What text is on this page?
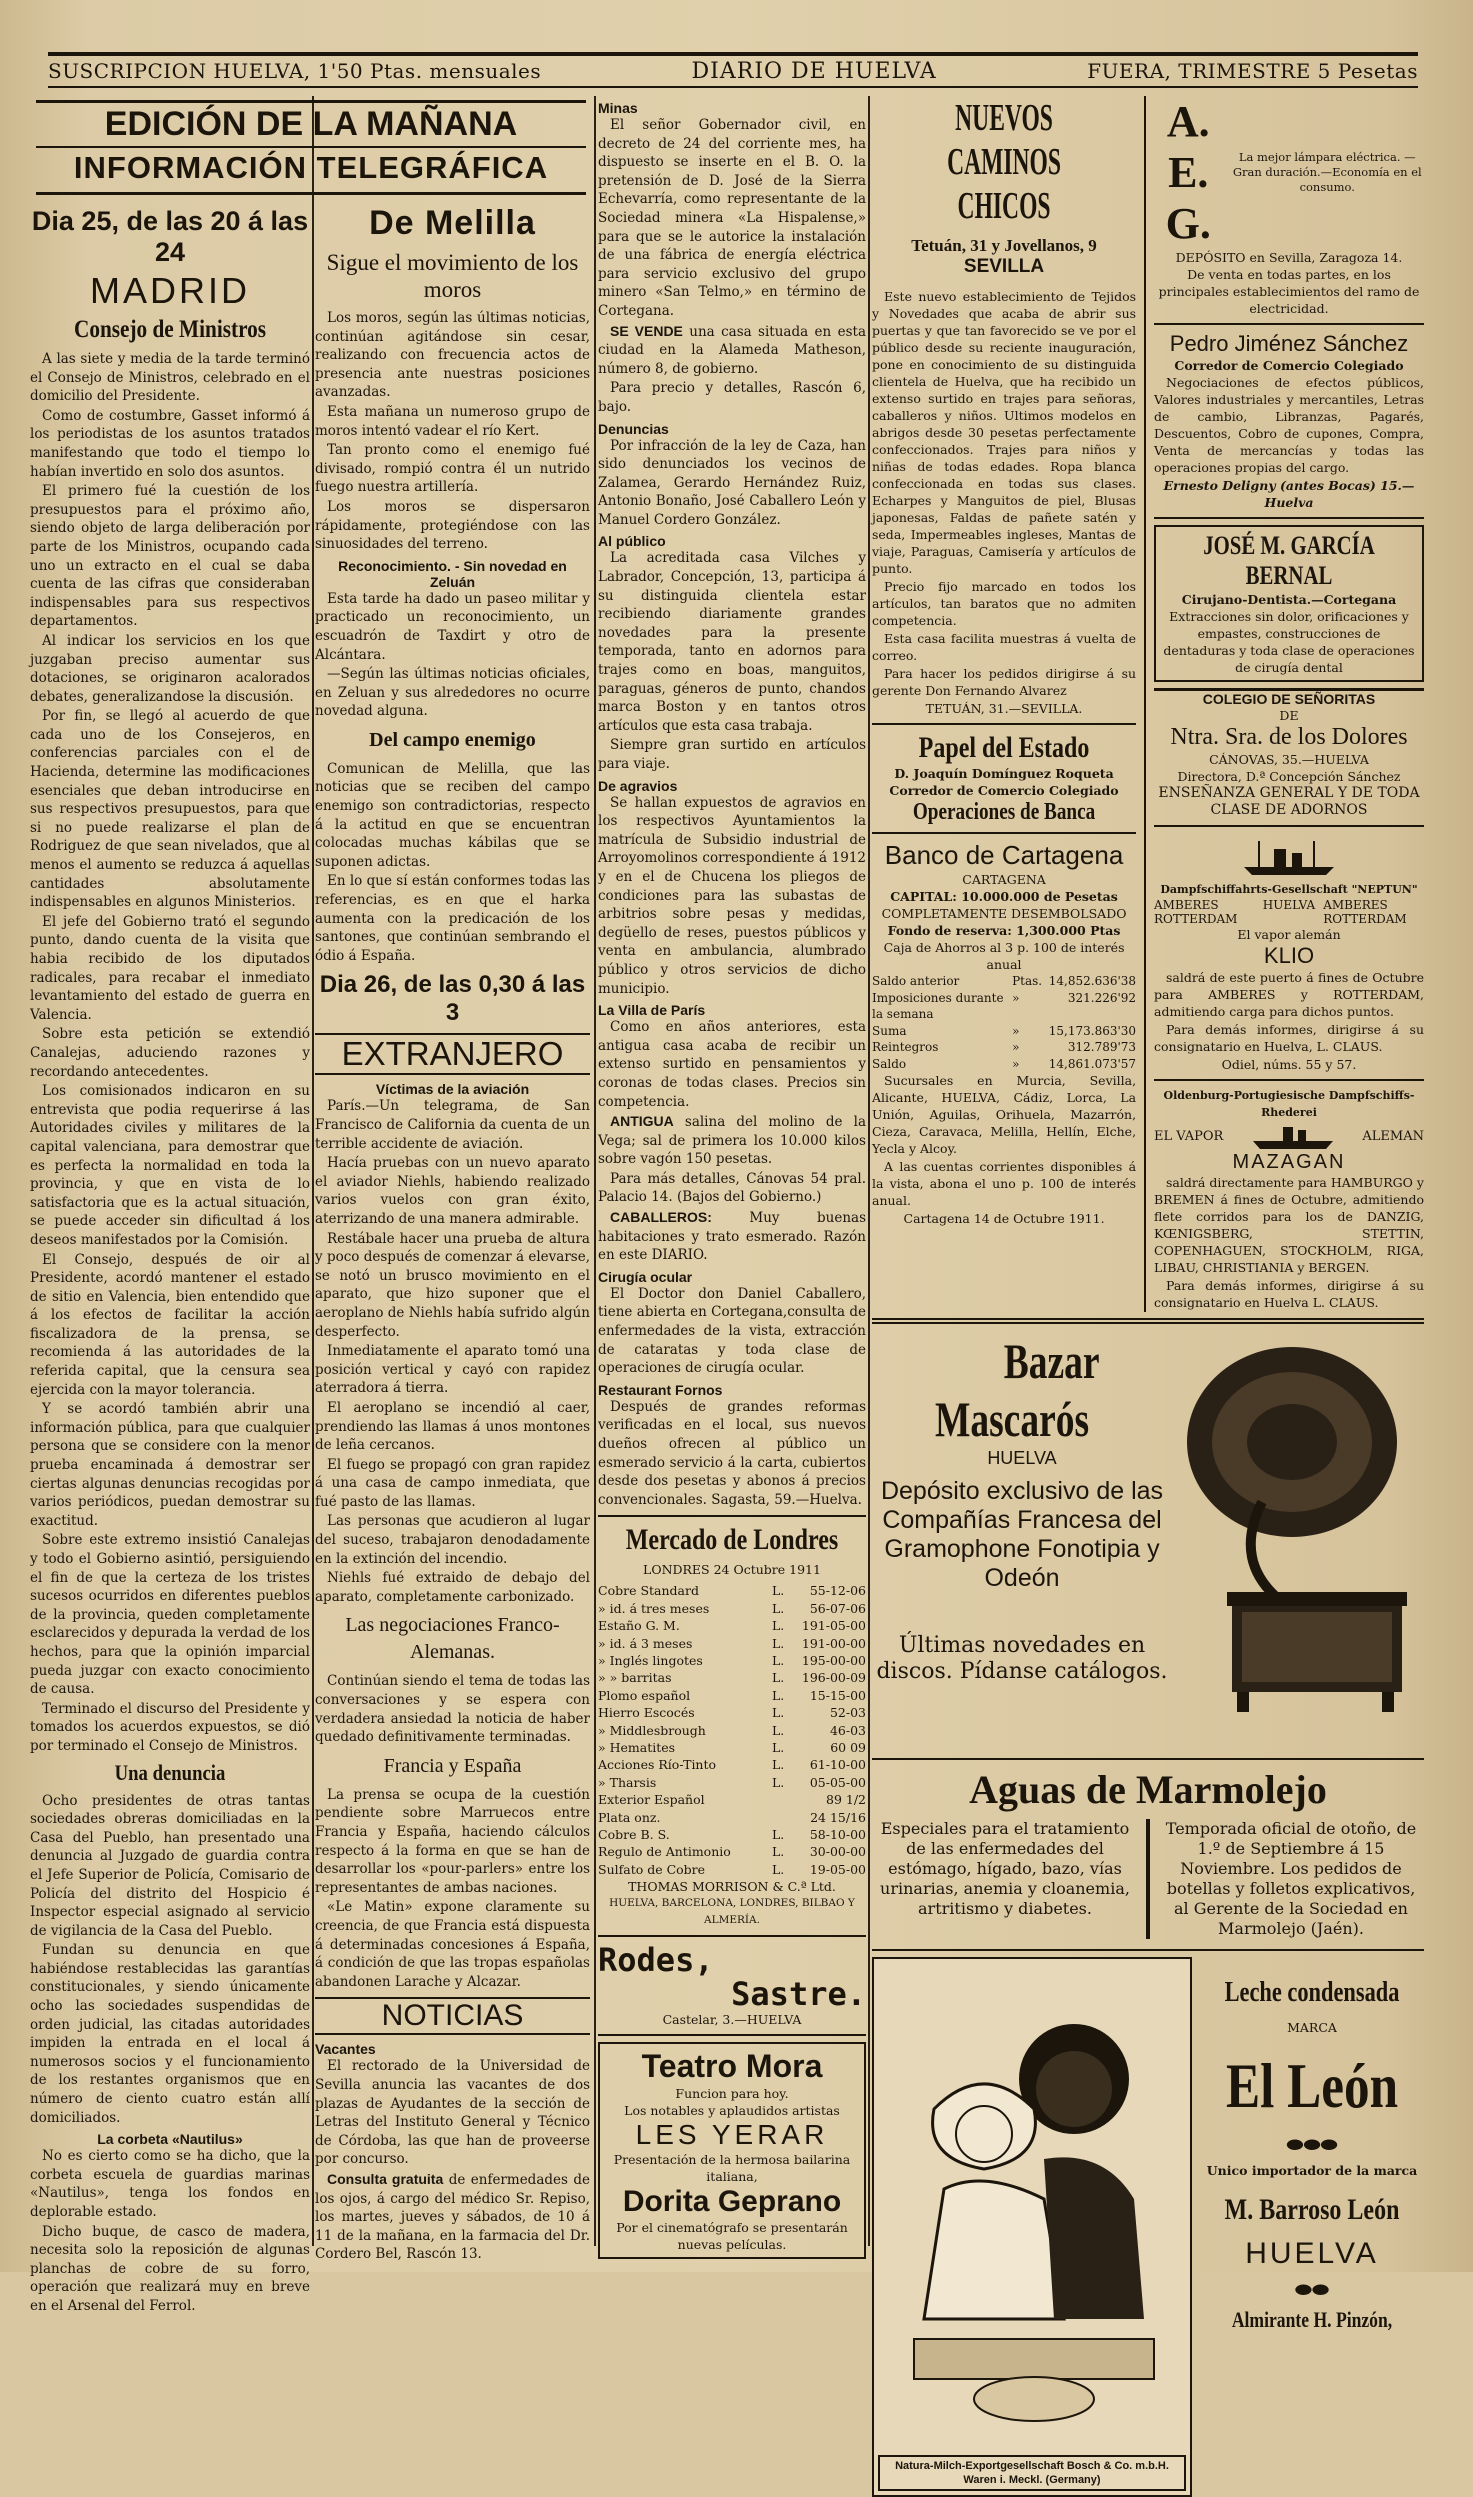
SUSCRIPCION HUELVA, 1'50 Ptas. mensuales	DIARIO DE HUELVA	FUERA, TRIMESTRE 5 Pesetas
EDICIÓN DE LA MAÑANA
INFORMACIÓN TELEGRÁFICA
Dia 25, de las 20 á las 24
MADRID
Consejo de Ministros

A las siete y media de la tarde terminó el Consejo de Ministros, celebrado en el domicilio del Presidente.

Como de costumbre, Gasset informó á los periodistas de los asuntos tratados manifestando que todo el tiempo lo habían invertido en solo dos asuntos.

El primero fué la cuestión de los presupuestos para el próximo año, siendo objeto de larga deliberación por parte de los Ministros, ocupando cada uno un extracto en el cual se daba cuenta de las cifras que consideraban indispensables para sus respectivos departamentos.

Al indicar los servicios en los que juzgaban preciso aumentar sus dotaciones, se originaron acalorados debates, generalizandose la discusión.

Por fin, se llegó al acuerdo de que cada uno de los Consejeros, en conferencias parciales con el de Hacienda, determine las modificaciones esenciales que deban introducirse en sus respectivos presupuestos, para que si no puede realizarse el plan de Rodriguez de que sean nivelados, que al menos el aumento se reduzca á aquellas cantidades absolutamente indispensables en algunos Ministerios.

El jefe del Gobierno trató el segundo punto, dando cuenta de la visita que habia recibido de los diputados radicales, para recabar el inmediato levantamiento del estado de guerra en Valencia.

Sobre esta petición se extendió Canalejas, aduciendo razones y recordando antecedentes.

Los comisionados indicaron en su entrevista que podia requerirse á las Autoridades civiles y militares de la capital valenciana, para demostrar que es perfecta la normalidad en toda la provincia, y que en vista de lo satisfactoria que es la actual situación, se puede acceder sin dificultad á los deseos manifestados por la Comisión.

El Consejo, después de oir al Presidente, acordó mantener el estado de sitio en Valencia, bien entendido que á los efectos de facilitar la acción fiscalizadora de la prensa, se recomienda á las autoridades de la referida capital, que la censura sea ejercida con la mayor tolerancia.

Y se acordó también abrir una información pública, para que cualquier persona que se considere con la menor prueba encaminada á demostrar ser ciertas algunas denuncias recogidas por varios periódicos, puedan demostrar su exactitud.

Sobre este extremo insistió Canalejas y todo el Gobierno asintió, persiguiendo el fin de que la certeza de los tristes sucesos ocurridos en diferentes pueblos de la provincia, queden completamente esclarecidos y depurada la verdad de los hechos, para que la opinión imparcial pueda juzgar con exacto conocimiento de causa.

Terminado el discurso del Presidente y tomados los acuerdos expuestos, se dió por terminado el Consejo de Ministros.

Una denuncia

Ocho presidentes de otras tantas sociedades obreras domiciliadas en la Casa del Pueblo, han presentado una denuncia al Juzgado de guardia contra el Jefe Superior de Policía, Comisario de Policía del distrito del Hospicio é Inspector especial asignado al servicio de vigilancia de la Casa del Pueblo.

Fundan su denuncia en que habiéndose restablecidas las garantías constitucionales, y siendo únicamente ocho las sociedades suspendidas de orden judicial, las citadas autoridades impiden la entrada en el local á numerosos socios y el funcionamiento de los restantes organismos que en número de ciento cuatro están allí domiciliados.

La corbeta «Nautilus»

No es cierto como se ha dicho, que la corbeta escuela de guardias marinas «Nautilus», tenga los fondos en deplorable estado.

Dicho buque, de casco de madera, necesita solo la reposición de algunas planchas de cobre de su forro, operación que realizará muy en breve en el Arsenal del Ferrol.

De Melilla
Sigue el movimiento de los moros

Los moros, según las últimas noticias, continúan agitándose sin cesar, realizando con frecuencia actos de presencia ante nuestras posiciones avanzadas.

Esta mañana un numeroso grupo de moros intentó vadear el río Kert.

Tan pronto como el enemigo fué divisado, rompió contra él un nutrido fuego nuestra artillería.

Los moros se dispersaron rápidamente, protegiéndose con las sinuosidades del terreno.

Reconocimiento. - Sin novedad en Zeluán

Esta tarde ha dado un paseo militar y practicado un reconocimiento, un escuadrón de Taxdirt y otro de Alcántara.

—Según las últimas noticias oficiales, en Zeluan y sus alrededores no ocurre novedad alguna.

Del campo enemigo

Comunican de Melilla, que las noticias que se reciben del campo enemigo son contradictorias, respecto á la actitud en que se encuentran colocadas muchas kábilas que se suponen adictas.

En lo que sí están conformes todas las referencias, es en que el harka aumenta con la predicación de los santones, que continúan sembrando el ódio á España.

Dia 26, de las 0,30 á las 3
EXTRANJERO
Víctimas de la aviación

París.—Un telegrama, de San Francisco de California da cuenta de un terrible accidente de aviación.

Hacía pruebas con un nuevo aparato el aviador Niehls, habiendo realizado varios vuelos con gran éxito, aterrizando de una manera admirable.

Restábale hacer una prueba de altura y poco después de comenzar á elevarse, se notó un brusco movimiento en el aparato, que hizo suponer que el aeroplano de Niehls había sufrido algún desperfecto.

Inmediatamente el aparato tomó una posición vertical y cayó con rapidez aterradora á tierra.

El aeroplano se incendió al caer, prendiendo las llamas á unos montones de leña cercanos.

El fuego se propagó con gran rapidez á una casa de campo inmediata, que fué pasto de las llamas.

Las personas que acudieron al lugar del suceso, trabajaron denodadamente en la extinción del incendio.

Niehls fué extraido de debajo del aparato, completamente carbonizado.

Las negociaciones Franco-Alemanas.

Continúan siendo el tema de todas las conversaciones y se espera con verdadera ansiedad la noticia de haber quedado definitivamente terminadas.

Francia y España

La prensa se ocupa de la cuestión pendiente sobre Marruecos entre Francia y España, haciendo cálculos respecto á la forma en que se han de desarrollar los «pour-parlers» entre los representantes de ambas naciones.

«Le Matin» expone claramente su creencia, de que Francia está dispuesta á determinadas concesiones á España, á condición de que las tropas españolas abandonen Larache y Alcazar.

NOTICIAS
Vacantes

El rectorado de la Universidad de Sevilla anuncia las vacantes de dos plazas de Ayudantes de la sección de Letras del Instituto General y Técnico de Córdoba, las que han de proveerse por concurso.

Consulta gratuita de enfermedades de los ojos, á cargo del médico Sr. Repiso, los martes, jueves y sábados, de 10 á 11 de la mañana, en la farmacia del Dr. Cordero Bel, Rascón 13.

Minas

El señor Gobernador civil, en decreto de 24 del corriente mes, ha dispuesto se inserte en el B. O. la pretensión de D. José de la Sierra Echevarría, como representante de la Sociedad minera «La Hispalense,» para que se le autorice la instalación de una fábrica de energía eléctrica para servicio exclusivo del grupo minero «San Telmo,» en término de Cortegana.

SE VENDE una casa situada en esta ciudad en la Alameda Matheson, número 8, de gobierno.

Para precio y detalles, Rascón 6, bajo.

Denuncias

Por infracción de la ley de Caza, han sido denunciados los vecinos de Zalamea, Gerardo Hernández Ruiz, Antonio Bonaño, José Caballero León y Manuel Cordero González.

Al público

La acreditada casa Vilches y Labrador, Concepción, 13, participa á su distinguida clientela estar recibiendo diariamente grandes novedades para la presente temporada, tanto en adornos para trajes como en boas, manguitos, paraguas, géneros de punto, chandos marca Boston y en tantos otros artículos que esta casa trabaja.

Siempre gran surtido en artículos para viaje.

De agravios

Se hallan expuestos de agravios en los respectivos Ayuntamientos la matrícula de Subsidio industrial de Arroyomolinos correspondiente á 1912 y en el de Chucena los pliegos de condiciones para las subastas de arbitrios sobre pesas y medidas, degüello de reses, puestos públicos y venta en ambulancia, alumbrado público y otros servicios de dicho municipio.

La Villa de París

Como en años anteriores, esta antigua casa acaba de recibir un extenso surtido en pensamientos y coronas de todas clases. Precios sin competencia.

ANTIGUA salina del molino de la Vega; sal de primera los 10.000 kilos sobre vagón 150 pesetas.

Para más detalles, Cánovas 54 pral. Palacio 14. (Bajos del Gobierno.)

CABALLEROS:	Muy buenas habitaciones y trato esmerado. Razón en este DIARIO.

Cirugía ocular

El Doctor don Daniel Caballero, tiene abierta en Cortegana,consulta de enfermedades de la vista, extracción de cataratas y toda clase de operaciones de cirugía ocular.

Restaurant Fornos

Después de grandes reformas verificadas en el local, sus nuevos dueños ofrecen al público un esmerado servicio á la carta, cubiertos desde dos pesetas y abonos á precios convencionales. Sagasta, 59.—Huelva.

Mercado de Londres
LONDRES 24 Octubre 1911
Cobre Standard	L.	55-12-06
» id. á tres meses	L.	56-07-06
Estaño G. M.	L.	191-05-00
» id. á 3 meses	L.	191-00-00
» Inglés lingotes	L.	195-00-00
» » barritas	L.	196-00-09
Plomo español	L.	15-15-00
Hierro Escocés	L.	52-03
» Middlesbrough	L.	46-03
» Hematites	L.	60 09
Acciones Río-Tinto	L.	61-10-00
» Tharsis	L.	05-05-00
Exterior Español	89 1/2
Plata onz.	24 15/16
Cobre B. S.	L.	58-10-00
Regulo de Antimonio	L.	30-00-00
Sulfato de Cobre	L.	19-05-00
THOMAS MORRISON & C.ª Ltd.
HUELVA, BARCELONA, LONDRES, BILBAO Y ALMERÍA.
Rodes,
Sastre.
Castelar, 3.—HUELVA
Teatro Mora
Funcion para hoy.
Los notables y aplaudidos artistas
LES YERAR
Presentación de la hermosa bailarina italiana,
Dorita Geprano
Por el cinematógrafo se presentarán nuevas películas.
NUEVOS CAMINOS CHICOS
Tetuán, 31 y Jovellanos, 9
SEVILLA

Este nuevo establecimiento de Tejidos y Novedades que acaba de abrir sus puertas y que tan favorecido se ve por el público desde su reciente inauguración, pone en conocimiento de su distinguida clientela de Huelva, que ha recibido un extenso surtido en trajes para señoras, caballeros y niños. Ultimos modelos en abrigos desde 30 pesetas perfectamente confeccionados. Trajes para niños y niñas de todas edades. Ropa blanca confeccionada en todas sus clases. Echarpes y Manguitos de piel, Blusas japonesas, Faldas de pañete satén y seda, Impermeables ingleses, Mantas de viaje, Paraguas, Camisería y artículos de punto.

Precio fijo marcado en todos los artículos, tan baratos que no admiten competencia.

Esta casa facilita muestras á vuelta de correo.

Para hacer los pedidos dirigirse á su gerente Don Fernando Alvarez

TETUÁN, 31.—SEVILLA.
Papel del Estado
D. Joaquín Domínguez Roqueta
Corredor de Comercio Colegiado
Operaciones de Banca
Banco de Cartagena
CARTAGENA
CAPITAL: 10.000.000 de Pesetas
COMPLETAMENTE DESEMBOLSADO
Fondo de reserva: 1,300.000 Ptas
Caja de Ahorros al 3 p. 100 de interés anual
Saldo anterior	Ptas. 14,852.636'38
Imposiciones durante la semana
»	321.226'92
Suma	»	15,173.863'30
Reintegros	»	312.789'73
Saldo	»	14,861.073'57

Sucursales en Murcia, Sevilla, Alicante, HUELVA, Cádiz, Lorca, La Unión, Aguilas, Orihuela, Mazarrón, Cieza, Caravaca, Melilla, Hellín, Elche, Yecla y Alcoy.

A las cuentas corrientes disponibles á la vista, abona el uno p. 100 de interés anual.

Cartagena 14 de Octubre 1911.
A. E. G.
La mejor lámpara eléctrica. —Gran duración.—Economía en el consumo.
DEPÓSITO en Sevilla, Zaragoza 14.
De venta en todas partes, en los principales establecimientos del ramo de electricidad.
Pedro Jiménez Sánchez
Corredor de Comercio Colegiado

Negociaciones de efectos públicos, Valores industriales y mercantiles, Letras de cambio, Libranzas, Pagarés, Descuentos, Cobro de cupones, Compra, Venta de mercancías y todas las operaciones propias del cargo.

Ernesto Deligny (antes Bocas) 15.—Huelva
JOSÉ M. GARCÍA BERNAL
Cirujano-Dentista.—Cortegana
Extracciones sin dolor, orificaciones y empastes, construcciones de dentaduras y toda clase de operaciones de cirugía dental
COLEGIO DE SEÑORITAS
DE
Ntra. Sra. de los Dolores
CÁNOVAS, 35.—HUELVA
Directora, D.ª Concepción Sánchez
ENSEÑANZA GENERAL Y DE TODA CLASE DE ADORNOS
Dampfschiffahrts-Gesellschaft "NEPTUN"
AMBERES ROTTERDAM
HUELVA AMBERES ROTTERDAM
El vapor alemán
KLIO

saldrá de este puerto á fines de Octubre para AMBERES y ROTTERDAM, admitiendo carga para dichos puntos.

Para demás informes, dirigirse á su consignatario en Huelva, L. CLAUS.

Odiel, núms. 55 y 57.
Oldenburg-Portugiesische Dampfschiffs-Rhederei
EL VAPOR	ALEMAN
MAZAGAN

saldrá directamente para HAMBURGO y BREMEN á fines de Octubre, admitiendo flete corridos para los de DANZIG, KŒNIGSBERG, STETTIN, COPENHAGUEN, STOCKHOLM, RIGA, LIBAU, CHRISTIANIA y BERGEN.

Para demás informes, dirigirse á su consignatario en Huelva L. CLAUS.

Bazar
Mascarós
HUELVA
Depósito exclusivo de las Compañías Francesa del Gramophone Fonotipia y Odeón
Últimas novedades en discos. Pídanse catálogos.
Aguas de Marmolejo
Especiales para el tratamiento de las enfermedades del estómago, hígado, bazo, vías urinarias, anemia y cloanemia, artritismo y diabetes.
Temporada oficial de otoño, de 1.º de Septiembre á 15 Noviembre. Los pedidos de botellas y folletos explicativos, al Gerente de la Sociedad en Marmolejo (Jaén).
Natura-Milch-Exportgesellschaft Bosch & Co. m.b.H. Waren i. Meckl. (Germany)
Leche condensada
MARCA
El León
⬬⬬⬬
Unico importador de la marca
M. Barroso León
HUELVA
⬬⬬
Almirante H. Pinzón,
